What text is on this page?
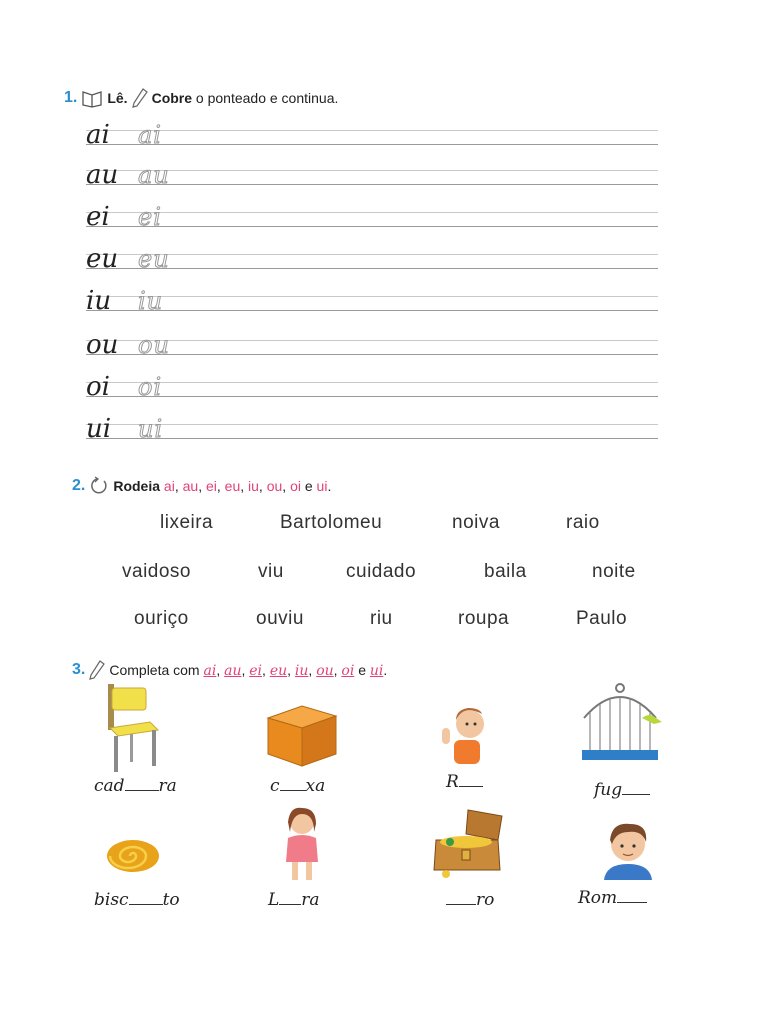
1. Lê. Cobre o ponteado e continua.
ai ai
au au
ei ei
eu eu
iu iu
ou ou
oi oi
ui ui
2. Rodeia ai, au, ei, eu, iu, ou, oi e ui.
lixeira	Bartolomeu	noiva	raio
vaidoso	viu	cuidado	baila	noite
ouriço	ouviu	riu	roupa	Paulo
3. Completa com ai, au, ei, eu, iu, ou, oi e ui.
cad ra	c xa	R	fug
bisc to	L ra	ro	Rom
